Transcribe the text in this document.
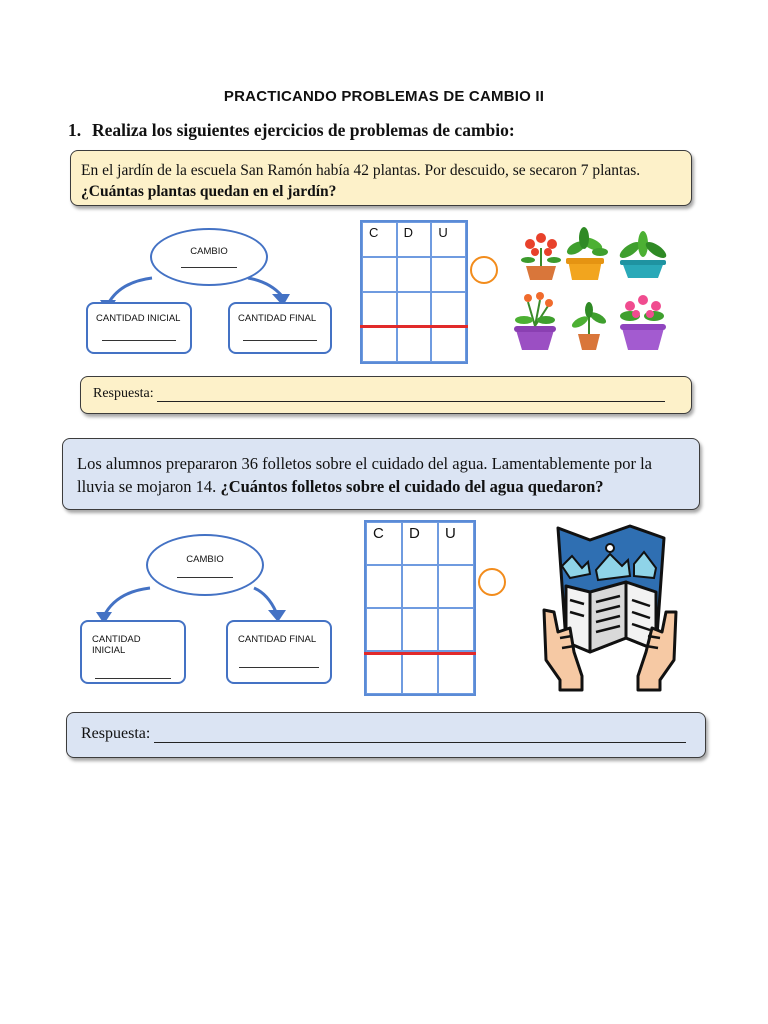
PRACTICANDO PROBLEMAS DE CAMBIO II
1. Realiza los siguientes ejercicios de problemas de cambio:
En el jardín de la escuela San Ramón había 42 plantas. Por descuido, se secaron 7 plantas. ¿Cuántas plantas quedan en el jardín?
CAMBIO
CANTIDAD INICIAL	CANTIDAD FINAL
C	D	U
Respuesta:
Los alumnos prepararon 36 folletos sobre el cuidado del agua. Lamentablemente por la lluvia se mojaron 14. ¿Cuántos folletos sobre el cuidado del agua quedaron?
CAMBIO
CANTIDAD INICIAL
CANTIDAD FINAL
C	D	U
Respuesta:
